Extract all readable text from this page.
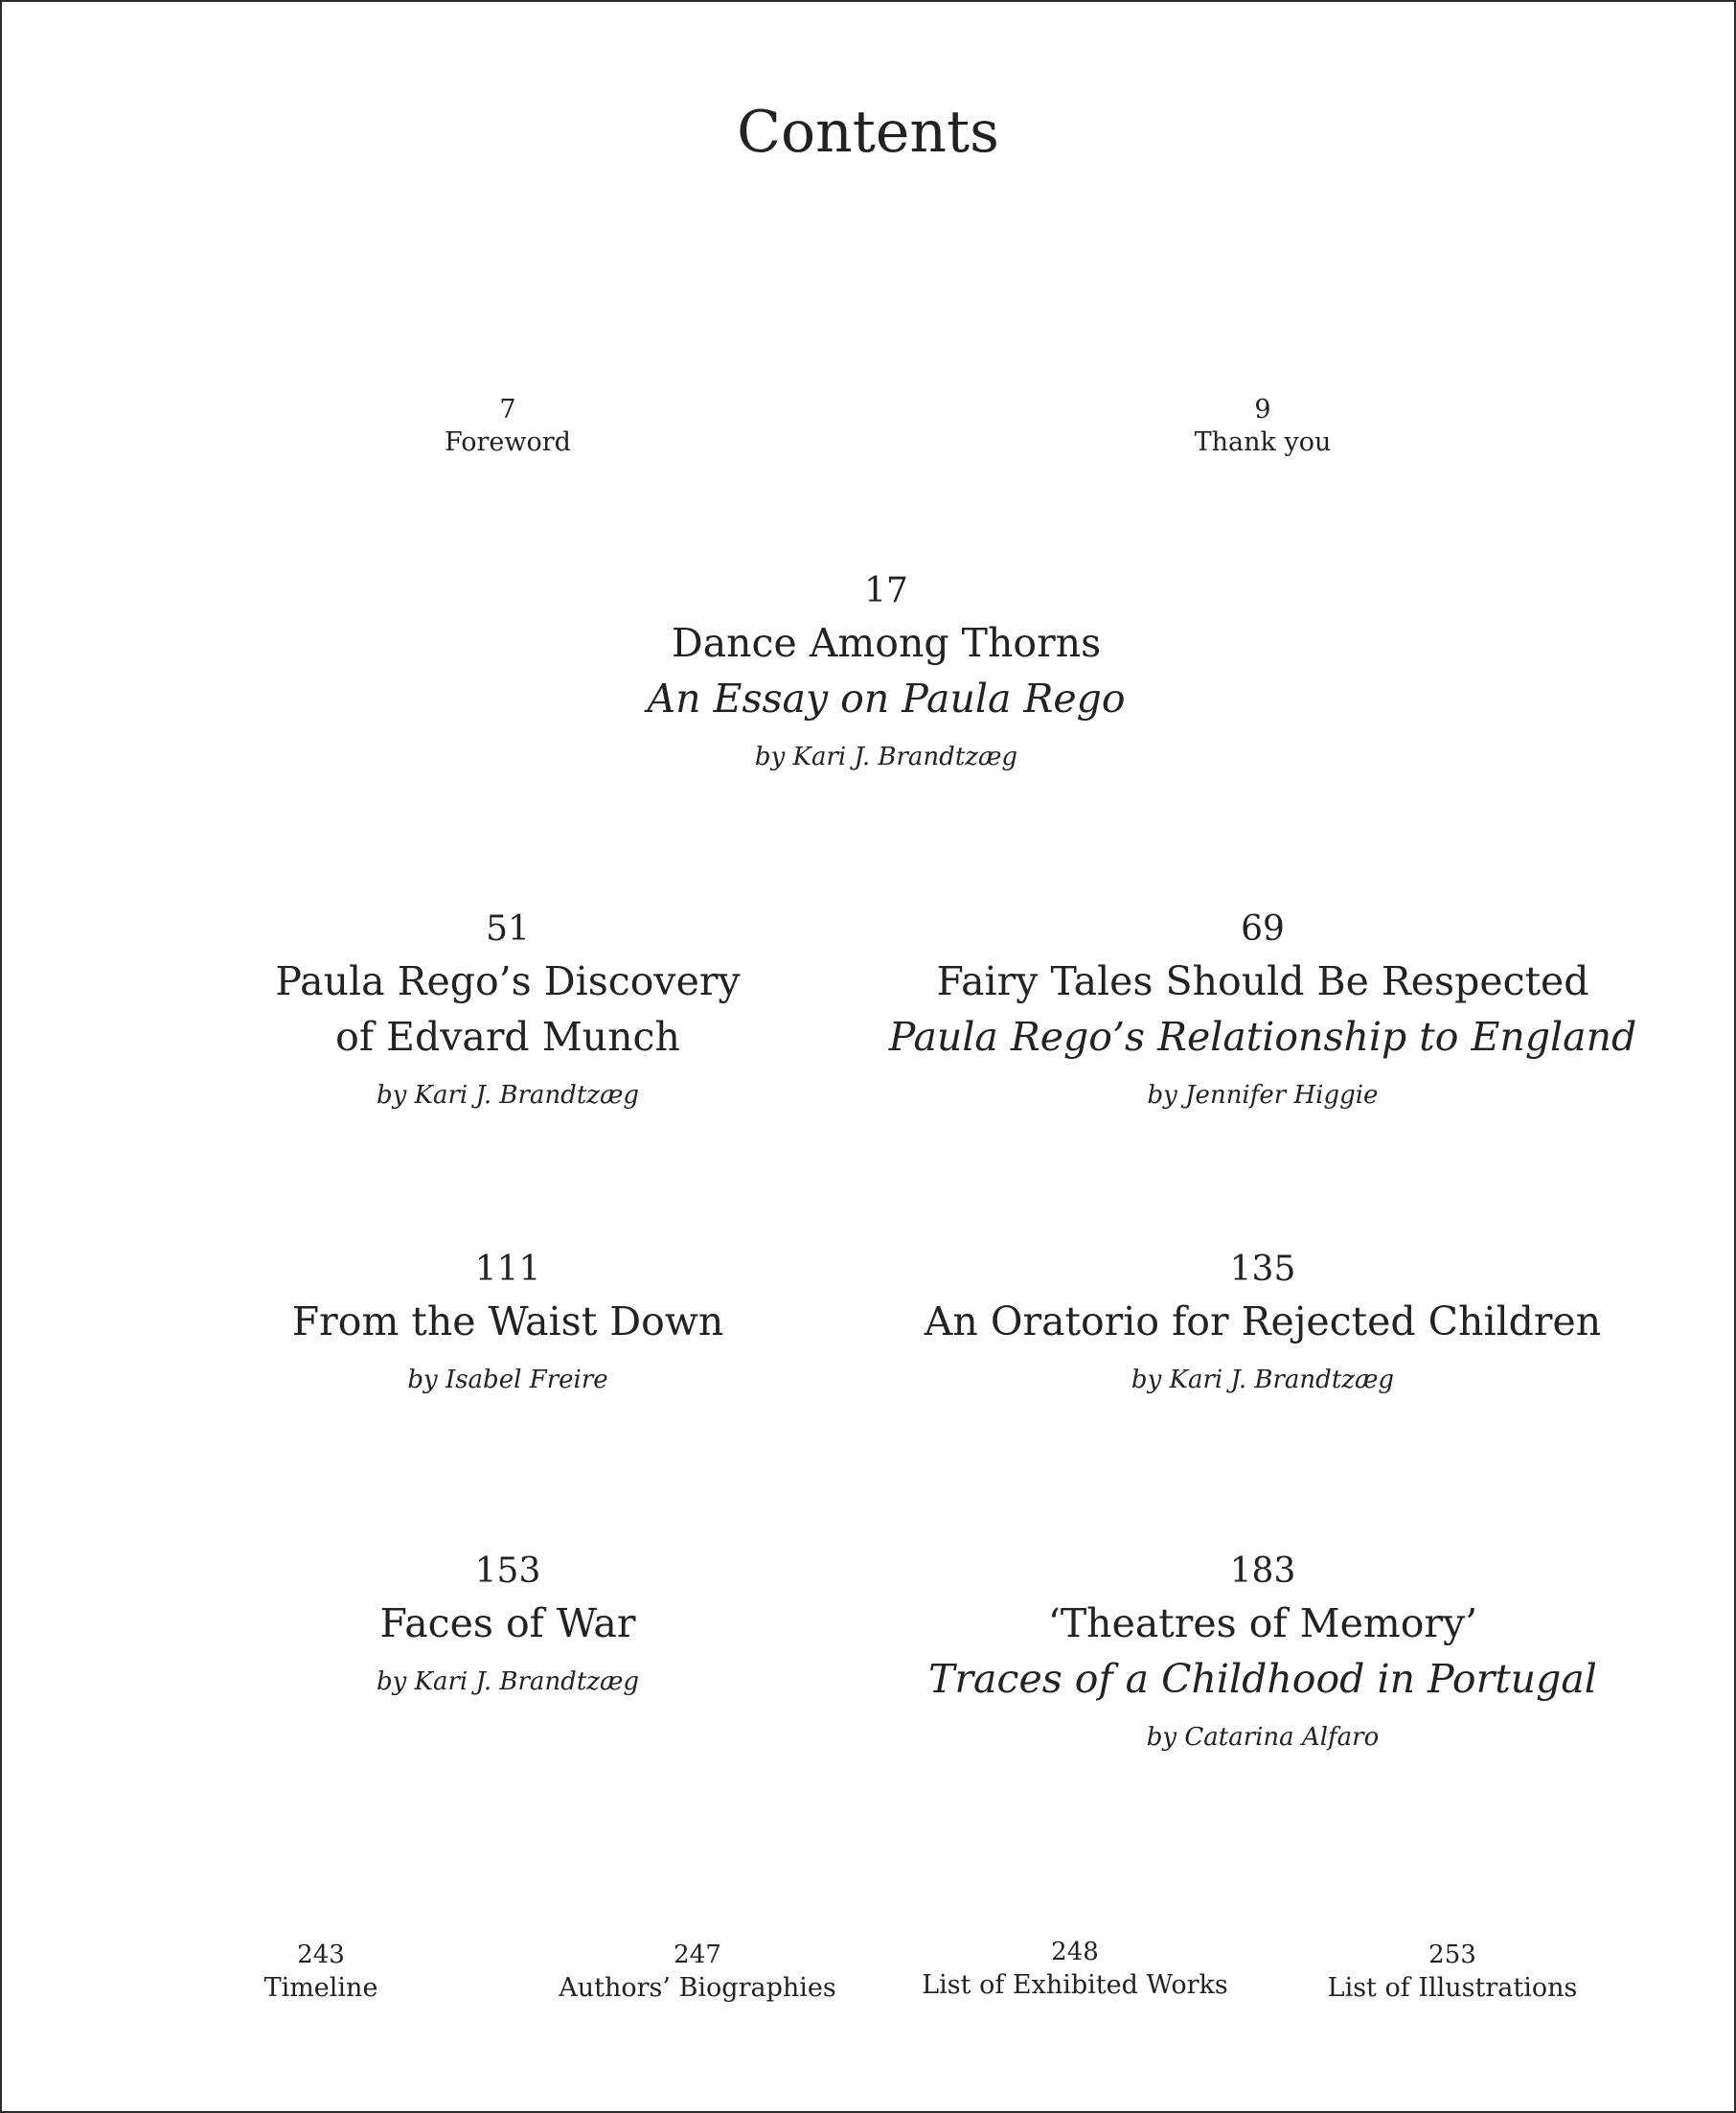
Contents
7
Foreword
9
Thank you
17
Dance Among Thorns
An Essay on Paula Rego
by Kari J. Brandtzæg
51
Paula Rego’s Discovery
of Edvard Munch
by Kari J. Brandtzæg
69
Fairy Tales Should Be Respected
Paula Rego’s Relationship to England
by Jennifer Higgie
111
From the Waist Down
by Isabel Freire
135
An Oratorio for Rejected Children
by Kari J. Brandtzæg
153
Faces of War
by Kari J. Brandtzæg
183
‘Theatres of Memory’
Traces of a Childhood in Portugal
by Catarina Alfaro
243
Timeline
247
Authors’ Biographies
248
List of Exhibited Works
253
List of Illustrations
